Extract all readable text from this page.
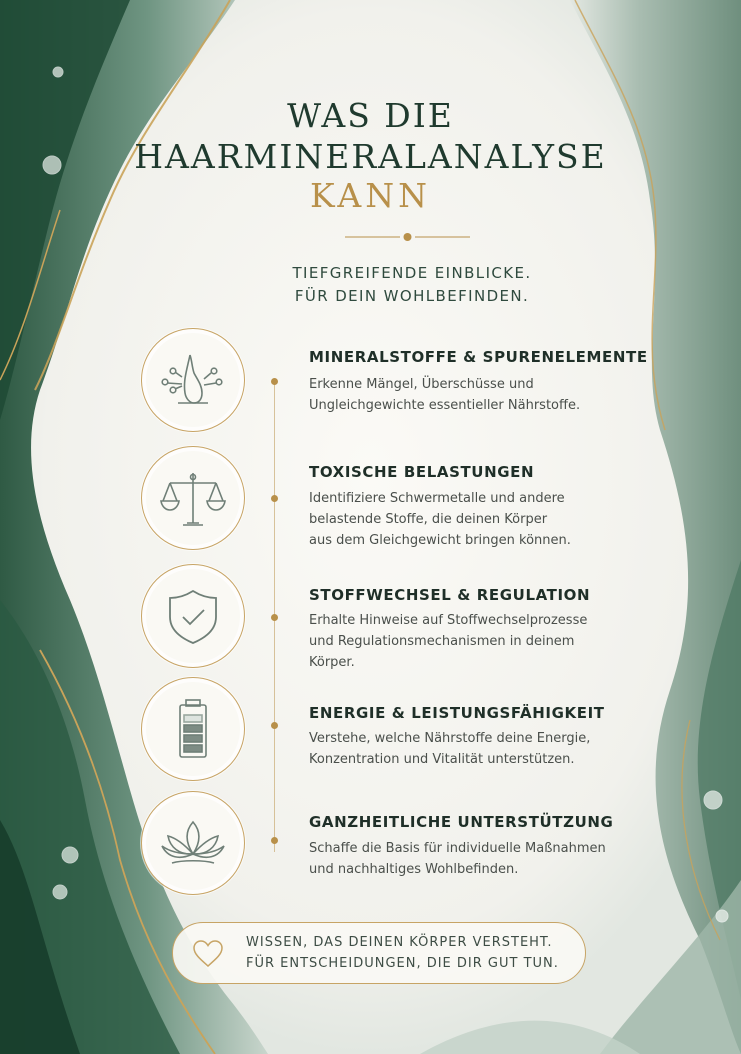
WAS DIE
HAARMINERALANALYSE
KANN
TIEFGREIFENDE EINBLICKE.
FÜR DEIN WOHLBEFINDEN.
MINERALSTOFFE & SPURENELEMENTE
Erkenne Mängel, Überschüsse und
Ungleichgewichte essentieller Nährstoffe.
TOXISCHE BELASTUNGEN
Identifiziere Schwermetalle und andere
belastende Stoffe, die deinen Körper
aus dem Gleichgewicht bringen können.
STOFFWECHSEL & REGULATION
Erhalte Hinweise auf Stoffwechselprozesse
und Regulationsmechanismen in deinem
Körper.
ENERGIE & LEISTUNGSFÄHIGKEIT
Verstehe, welche Nährstoffe deine Energie,
Konzentration und Vitalität unterstützen.
GANZHEITLICHE UNTERSTÜTZUNG
Schaffe die Basis für individuelle Maßnahmen
und nachhaltiges Wohlbefinden.
WISSEN, DAS DEINEN KÖRPER VERSTEHT.
FÜR ENTSCHEIDUNGEN, DIE DIR GUT TUN.
